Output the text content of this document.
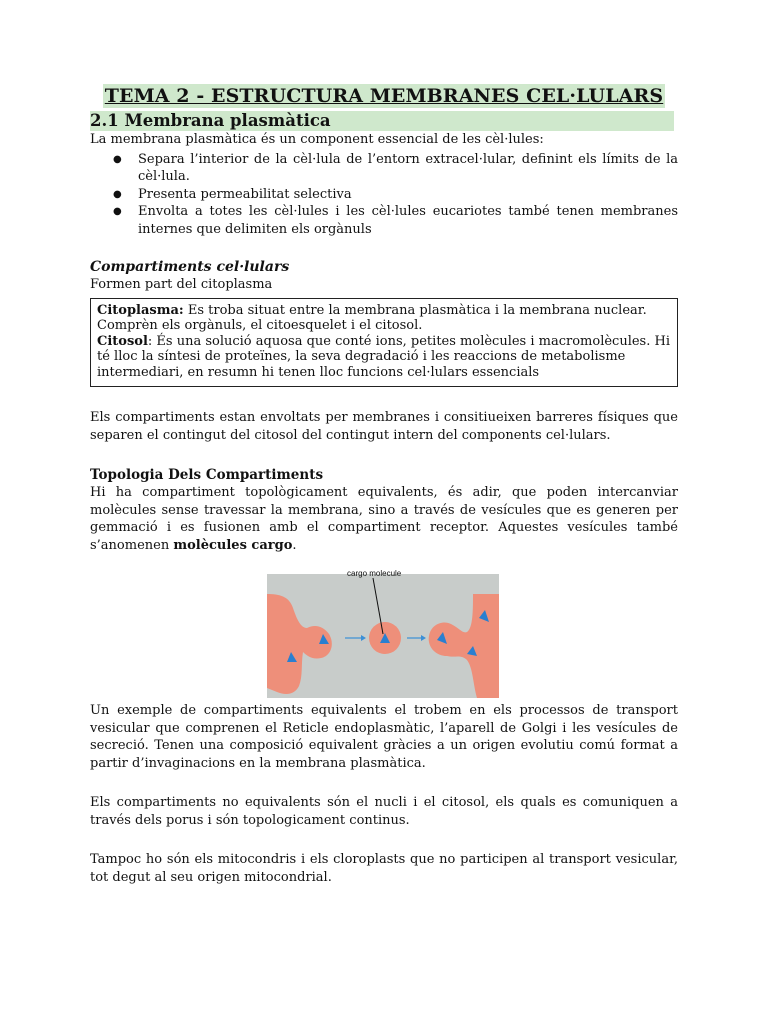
TEMA 2 - ESTRUCTURA MEMBRANES CEL·LULARS
2.1 Membrana plasmàtica

La membrana plasmàtica és un component essencial de les cèl·lules:

● Separa l’interior de la cèl·lula de l’entorn extracel·lular, definint els límits de la cèl·lula.
● Presenta permeabilitat selectiva
● Envolta a totes les cèl·lules i les cèl·lules eucariotes també tenen membranes internes que delimiten els orgànuls
Compartiments cel·lulars

Formen part del citoplasma

Citoplasma: Es troba situat entre la membrana plasmàtica i la membrana nuclear. Comprèn els orgànuls, el citoesquelet i el citosol.

Citosol: És una solució aquosa que conté ions, petites molècules i macromolècules. Hi té lloc la síntesi de proteïnes, la seva degradació i les reaccions de metabolisme intermediari, en resumn hi tenen lloc funcions cel·lulars essencials

Els compartiments estan envoltats per membranes i consitiueixen barreres físiques que separen el contingut del citosol del contingut intern del components cel·lulars.

Topologia Dels Compartiments

Hi ha compartiment topològicament equivalents, és adir, que poden intercanviar molècules sense travessar la membrana, sino a través de vesícules que es generen per gemmació i es fusionen amb el compartiment receptor. Aquestes vesícules també s’anomenen molècules cargo.

cargo molecule

Un exemple de compartiments equivalents el trobem en els processos de transport vesicular que comprenen el Reticle endoplasmàtic, l’aparell de Golgi i les vesícules de secreció. Tenen una composició equivalent gràcies a un origen evolutiu comú format a partir d’invaginacions en la membrana plasmàtica.

Els compartiments no equivalents són el nucli i el citosol, els quals es comuniquen a través dels porus i són topologicament continus.

Tampoc ho són els mitocondris i els cloroplasts que no participen al transport vesicular, tot degut al seu origen mitocondrial.
